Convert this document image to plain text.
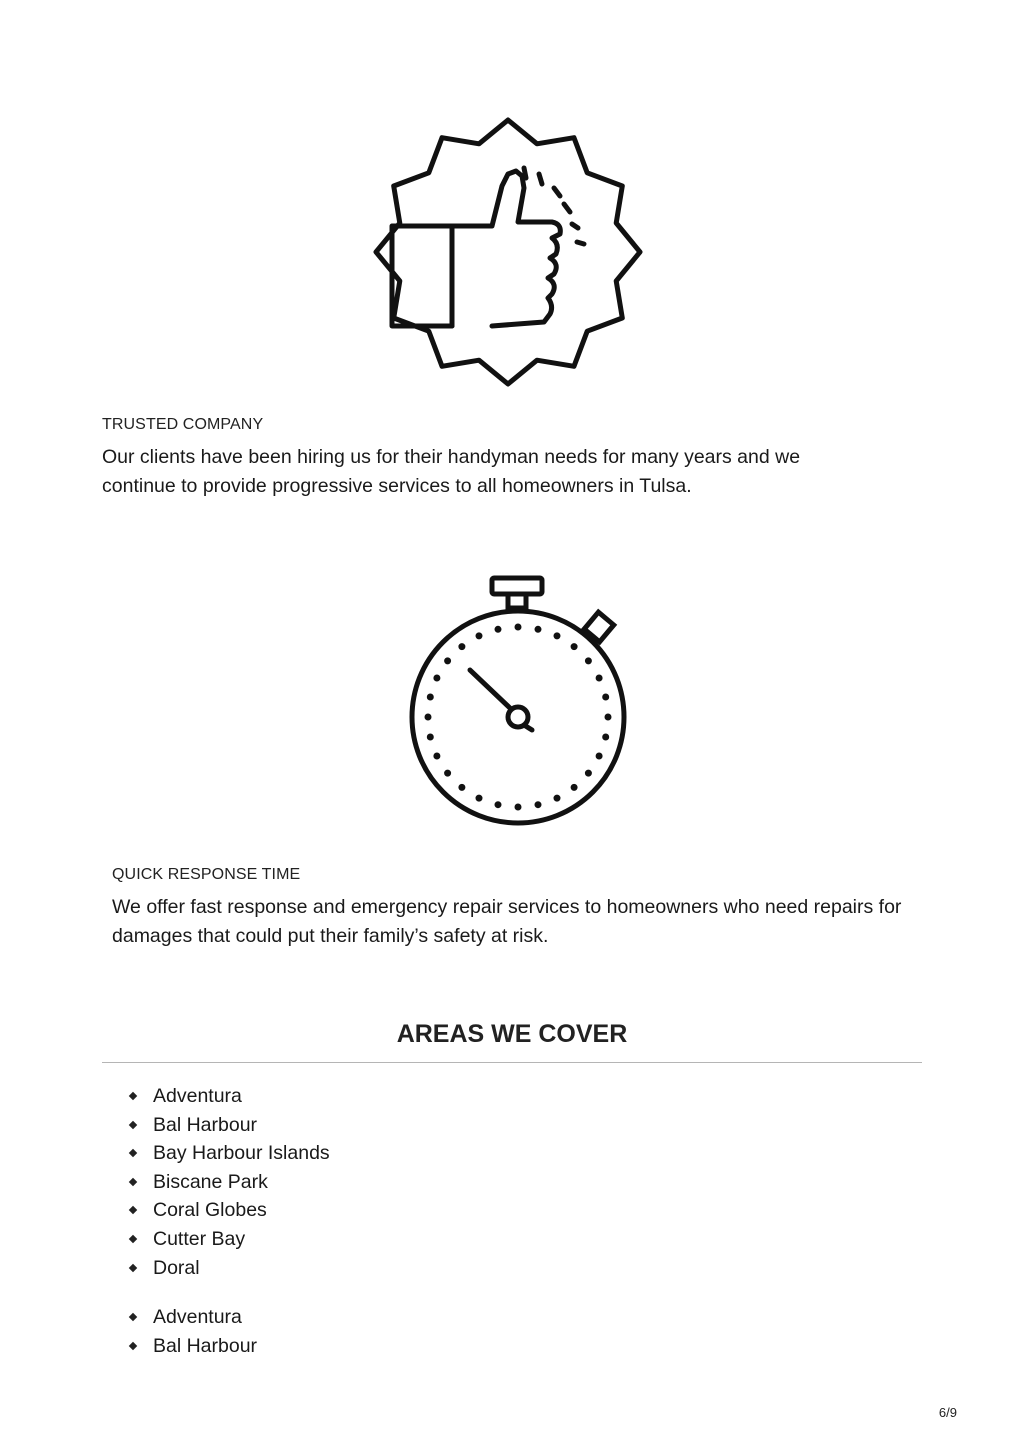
TRUSTED COMPANY
Our clients have been hiring us for their handyman needs for many years and we continue to provide progressive services to all homeowners in Tulsa.
QUICK RESPONSE TIME
We offer fast response and emergency repair services to homeowners who need repairs for damages that could put their family’s safety at risk.
AREAS WE COVER
Adventura
Bal Harbour
Bay Harbour Islands
Biscane Park
Coral Globes
Cutter Bay
Doral
Adventura
Bal Harbour
6/9
